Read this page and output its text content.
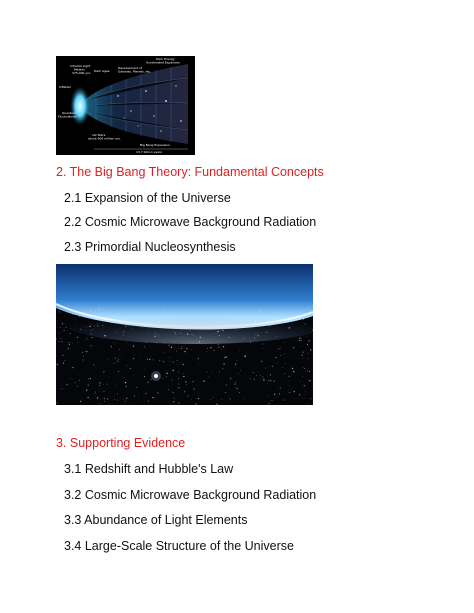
Infrared Light Pattern 375,000 yrs. Dark Ages
Development of Galaxies, Planets, etc.
Dark Energy Accelerated Expansion
Inflation
Quantum Fluctuations
1st Stars about 400 million yrs.
Big Bang Expansion
13.7 billion years
2. The Big Bang Theory: Fundamental Concepts
2.1 Expansion of the Universe
2.2 Cosmic Microwave Background Radiation
2.3 Primordial Nucleosynthesis
3. Supporting Evidence
3.1 Redshift and Hubble's Law
3.2 Cosmic Microwave Background Radiation
3.3 Abundance of Light Elements
3.4 Large-Scale Structure of the Universe
